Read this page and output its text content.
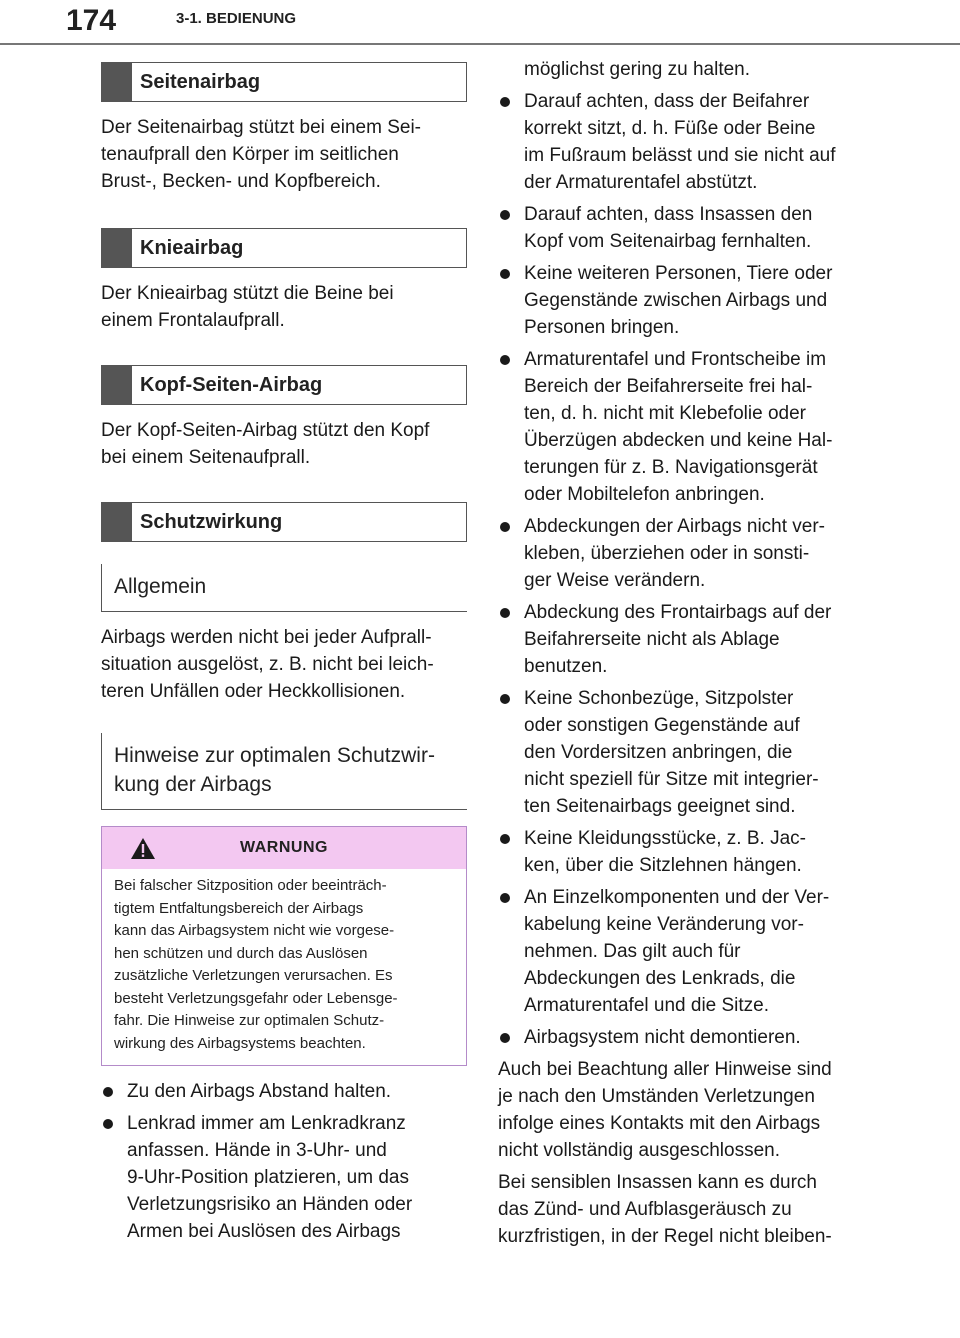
174	3-1. BEDIENUNG
Seitenairbag

Der Seitenairbag stützt bei einem Sei-
tenaufprall den Körper im seitlichen
Brust-, Becken- und Kopfbereich.

Knieairbag

Der Knieairbag stützt die Beine bei
einem Frontalaufprall.

Kopf-Seiten-Airbag

Der Kopf-Seiten-Airbag stützt den Kopf
bei einem Seitenaufprall.

Schutzwirkung
Allgemein

Airbags werden nicht bei jeder Aufprall-
situation ausgelöst, z. B. nicht bei leich-
teren Unfällen oder Heckkollisionen.

Hinweise zur optimalen Schutzwir-
kung der Airbags
WARNUNG
Bei falscher Sitzposition oder beeinträch-
tigtem Entfaltungsbereich der Airbags
kann das Airbagsystem nicht wie vorgese-
hen schützen und durch das Auslösen
zusätzliche Verletzungen verursachen. Es
besteht Verletzungsgefahr oder Lebensge-
fahr. Die Hinweise zur optimalen Schutz-
wirkung des Airbagsystems beachten.
Zu den Airbags Abstand halten.
Lenkrad immer am Lenkradkranz
anfassen. Hände in 3-Uhr- und
9-Uhr-Position platzieren, um das
Verletzungsrisiko an Händen oder
Armen bei Auslösen des Airbags

möglichst gering zu halten.

Darauf achten, dass der Beifahrer
korrekt sitzt, d. h. Füße oder Beine
im Fußraum belässt und sie nicht auf
der Armaturentafel abstützt.
Darauf achten, dass Insassen den
Kopf vom Seitenairbag fernhalten.
Keine weiteren Personen, Tiere oder
Gegenstände zwischen Airbags und
Personen bringen.
Armaturentafel und Frontscheibe im
Bereich der Beifahrerseite frei hal-
ten, d. h. nicht mit Klebefolie oder
Überzügen abdecken und keine Hal-
terungen für z. B. Navigationsgerät
oder Mobiltelefon anbringen.
Abdeckungen der Airbags nicht ver-
kleben, überziehen oder in sonsti-
ger Weise verändern.
Abdeckung des Frontairbags auf der
Beifahrerseite nicht als Ablage
benutzen.
Keine Schonbezüge, Sitzpolster
oder sonstigen Gegenstände auf
den Vordersitzen anbringen, die
nicht speziell für Sitze mit integrier-
ten Seitenairbags geeignet sind.
Keine Kleidungsstücke, z. B. Jac-
ken, über die Sitzlehnen hängen.
An Einzelkomponenten und der Ver-
kabelung keine Veränderung vor-
nehmen. Das gilt auch für
Abdeckungen des Lenkrads, die
Armaturentafel und die Sitze.
Airbagsystem nicht demontieren.

Auch bei Beachtung aller Hinweise sind
je nach den Umständen Verletzungen
infolge eines Kontakts mit den Airbags
nicht vollständig ausgeschlossen.

Bei sensiblen Insassen kann es durch
das Zünd- und Aufblasgeräusch zu
kurzfristigen, in der Regel nicht bleiben-
